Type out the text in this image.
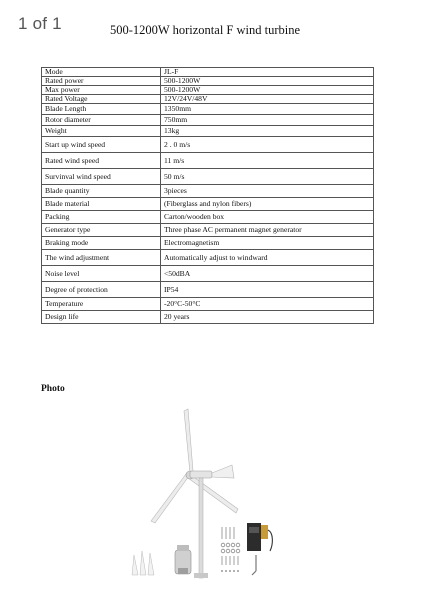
1 of 1	500-1200W horizontal F wind turbine
Mode	JL-F
Rated power	500-1200W
Max power	500-1200W
Rated Voltage	12V/24V/48V
Blade Length	1350mm
Rotor diameter	750mm
Weight	13kg
Start up wind speed	2 . 0 m/s
Rated wind speed	11 m/s
Survinval wind speed	50 m/s
Blade quantity	3pieces
Blade material	(Fiberglass and nylon fibers)
Packing	Carton/wooden box
Generator type	Three phase AC permanent magnet generator
Braking mode	Electromagnetism
The wind adjustment	Automatically adjust to windward
Noise level	<50dBA
Degree of protection	IP54
Temperature	-20°C-50°C
Design life	20 years
Photo
